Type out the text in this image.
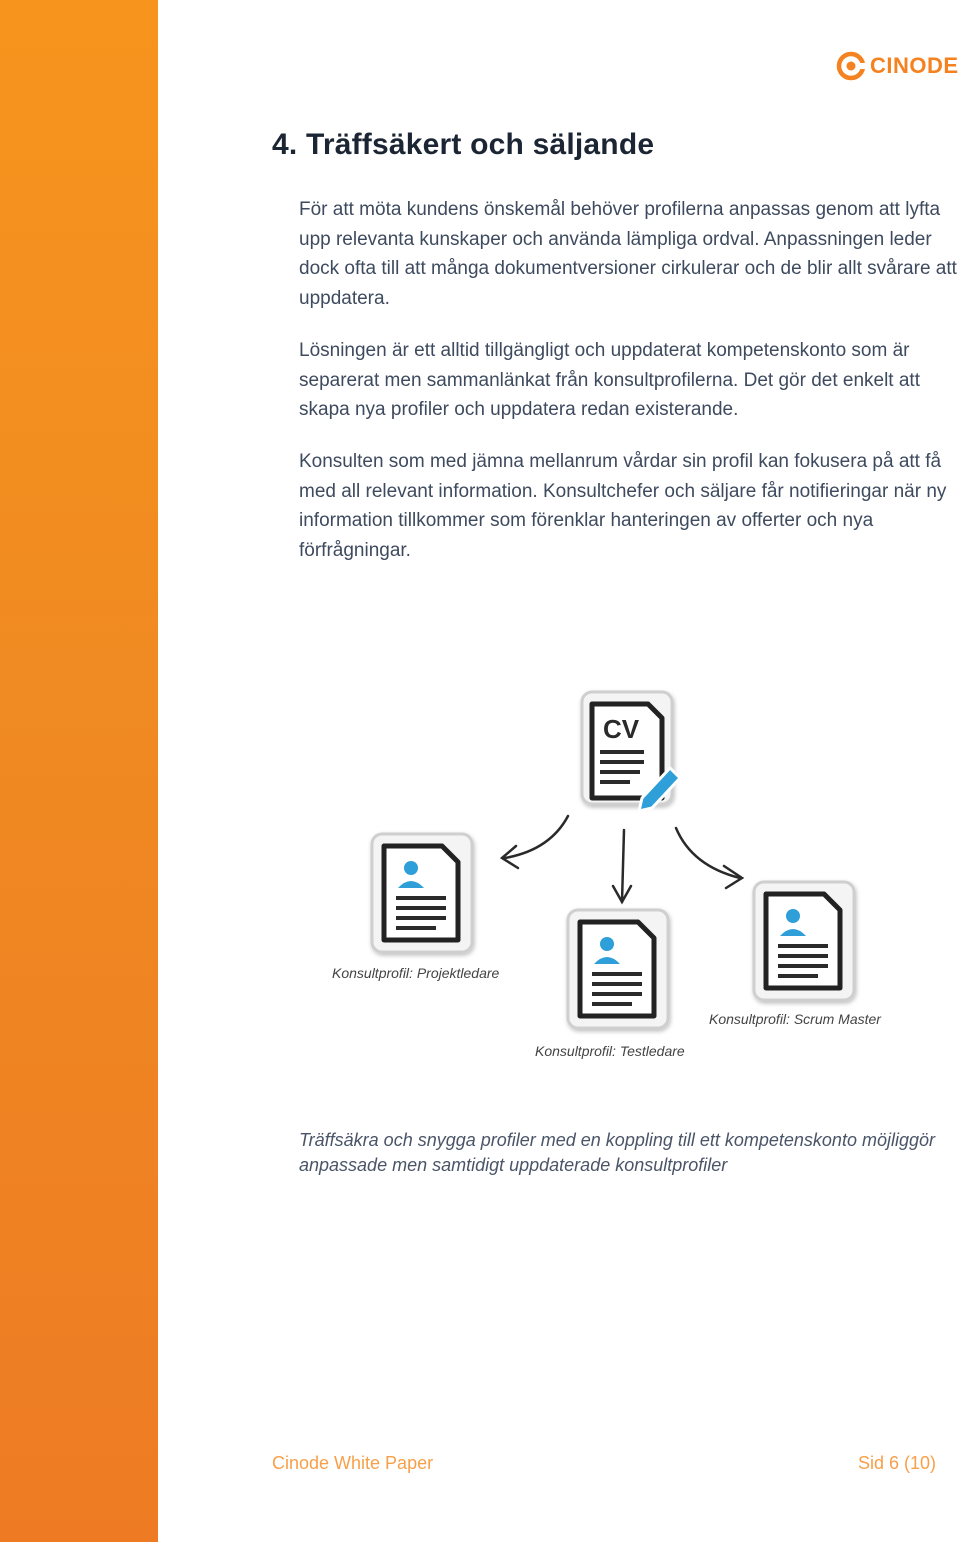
CINODE
4. Träffsäkert och säljande

För att möta kundens önskemål behöver profilerna anpassas genom att lyfta upp relevanta kunskaper och använda lämpliga ordval. Anpassningen leder dock ofta till att många dokumentversioner cirkulerar och de blir allt svårare att uppdatera.

Lösningen är ett alltid tillgängligt och uppdaterat kompetenskonto som är separerat men sammanlänkat från konsultprofilerna. Det gör det enkelt att skapa nya profiler och uppdatera redan existerande.

Konsulten som med jämna mellanrum vårdar sin profil kan fokusera på att få med all relevant information. Konsultchefer och säljare får notifieringar när ny information tillkommer som förenklar hanteringen av offerter och nya förfrågningar.

CV
Konsultprofil: Projektledare
Konsultprofil: Testledare
Konsultprofil: Scrum Master
Träffsäkra och snygga profiler med en koppling till ett kompetenskonto möjliggör anpassade men samtidigt uppdaterade konsultprofiler
Cinode White Paper	Sid 6 (10)
